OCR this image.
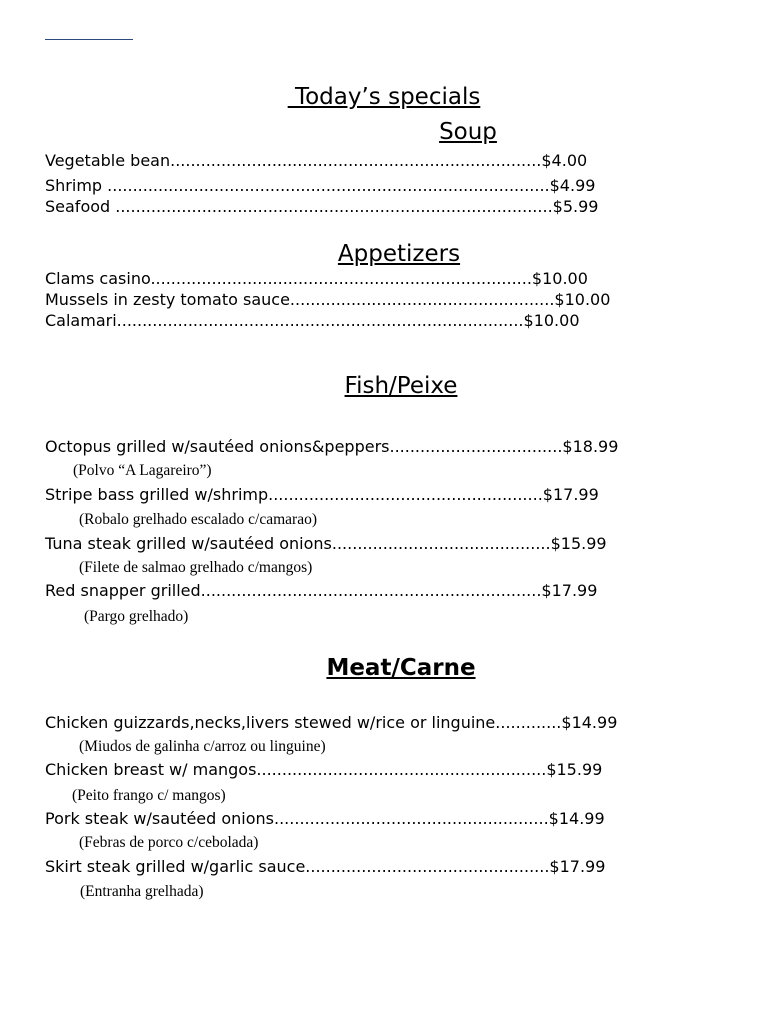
Today’s specials
Soup
Vegetable bean.........................................................................$4.00
Shrimp .......................................................................................$4.99
Seafood ......................................................................................$5.99
Appetizers
Clams casino...........................................................................$10.00
Mussels in zesty tomato sauce....................................................$10.00
Calamari................................................................................$10.00
Fish/Peixe
Octopus grilled w/sautéed onions&peppers..................................$18.99
(Polvo “A Lagareiro”)
Stripe bass grilled w/shrimp......................................................$17.99
(Robalo grelhado escalado c/camarao)
Tuna steak grilled w/sautéed onions...........................................$15.99
(Filete de salmao grelhado c/mangos)
Red snapper grilled...................................................................$17.99
(Pargo grelhado)
Meat/Carne
Chicken guizzards,necks,livers stewed w/rice or linguine.............$14.99
(Miudos de galinha c/arroz ou linguine)
Chicken breast w/ mangos.........................................................$15.99
(Peito frango c/ mangos)
Pork steak w/sautéed onions......................................................$14.99
(Febras de porco c/cebolada)
Skirt steak grilled w/garlic sauce................................................$17.99
(Entranha grelhada)
